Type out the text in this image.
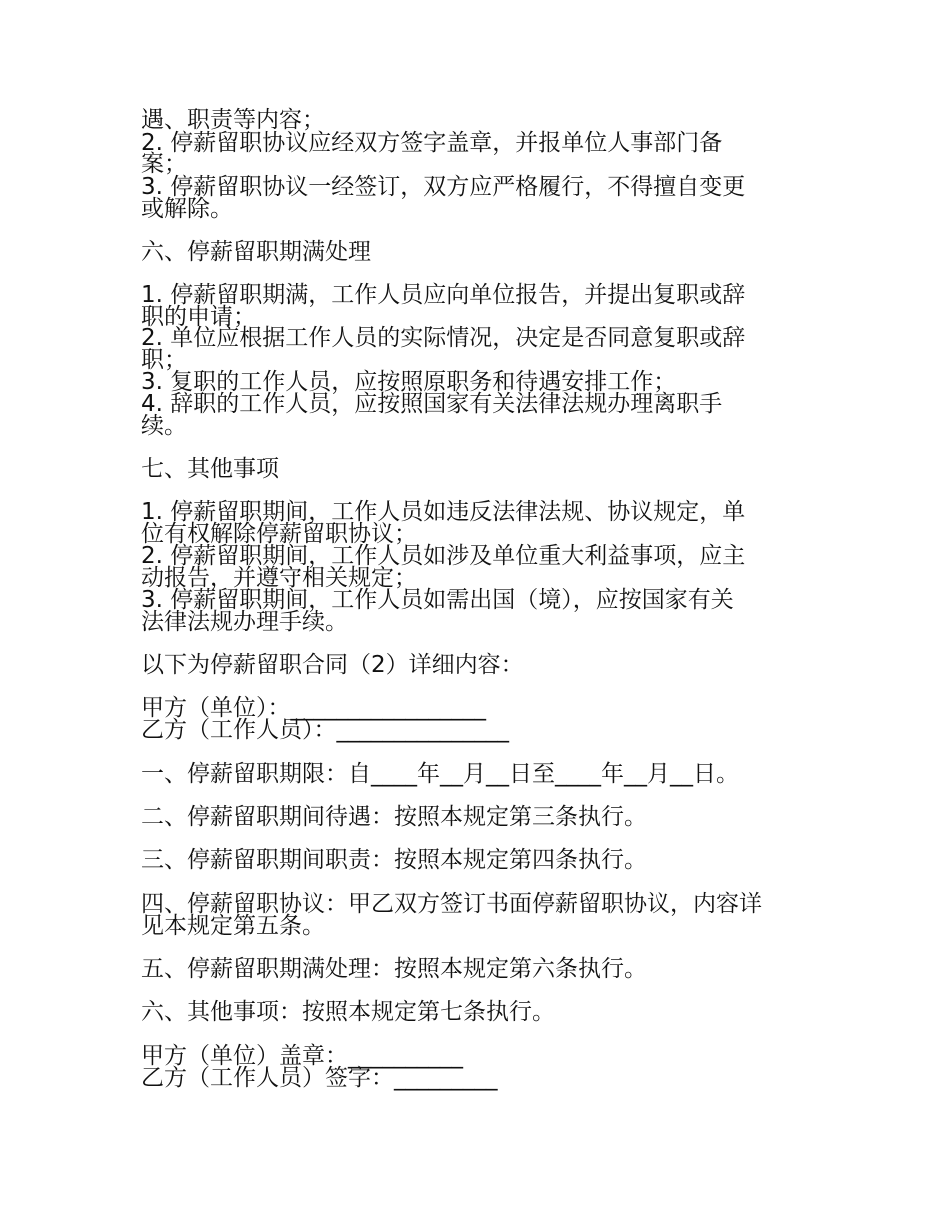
遇、职责等内容；
2. 停薪留职协议应经双方签字盖章，并报单位人事部门备
案；
3. 停薪留职协议一经签订，双方应严格履行，不得擅自变更
或解除。
六、停薪留职期满处理
1. 停薪留职期满，工作人员应向单位报告，并提出复职或辞
职的申请；
2. 单位应根据工作人员的实际情况，决定是否同意复职或辞
职；
3. 复职的工作人员，应按照原职务和待遇安排工作；
4. 辞职的工作人员，应按照国家有关法律法规办理离职手
续。
七、其他事项
1. 停薪留职期间，工作人员如违反法律法规、协议规定，单
位有权解除停薪留职协议；
2. 停薪留职期间，工作人员如涉及单位重大利益事项，应主
动报告，并遵守相关规定；
3. 停薪留职期间，工作人员如需出国（境），应按国家有关
法律法规办理手续。
以下为停薪留职合同（2）详细内容：
甲方（单位）：_________________
乙方（工作人员）：_______________
一、停薪留职期限：自____年__月__日至____年__月__日。
二、停薪留职期间待遇：按照本规定第三条执行。
三、停薪留职期间职责：按照本规定第四条执行。
四、停薪留职协议：甲乙双方签订书面停薪留职协议，内容详
见本规定第五条。
五、停薪留职期满处理：按照本规定第六条执行。
六、其他事项：按照本规定第七条执行。
甲方（单位）盖章：__________
乙方（工作人员）签字：_________
